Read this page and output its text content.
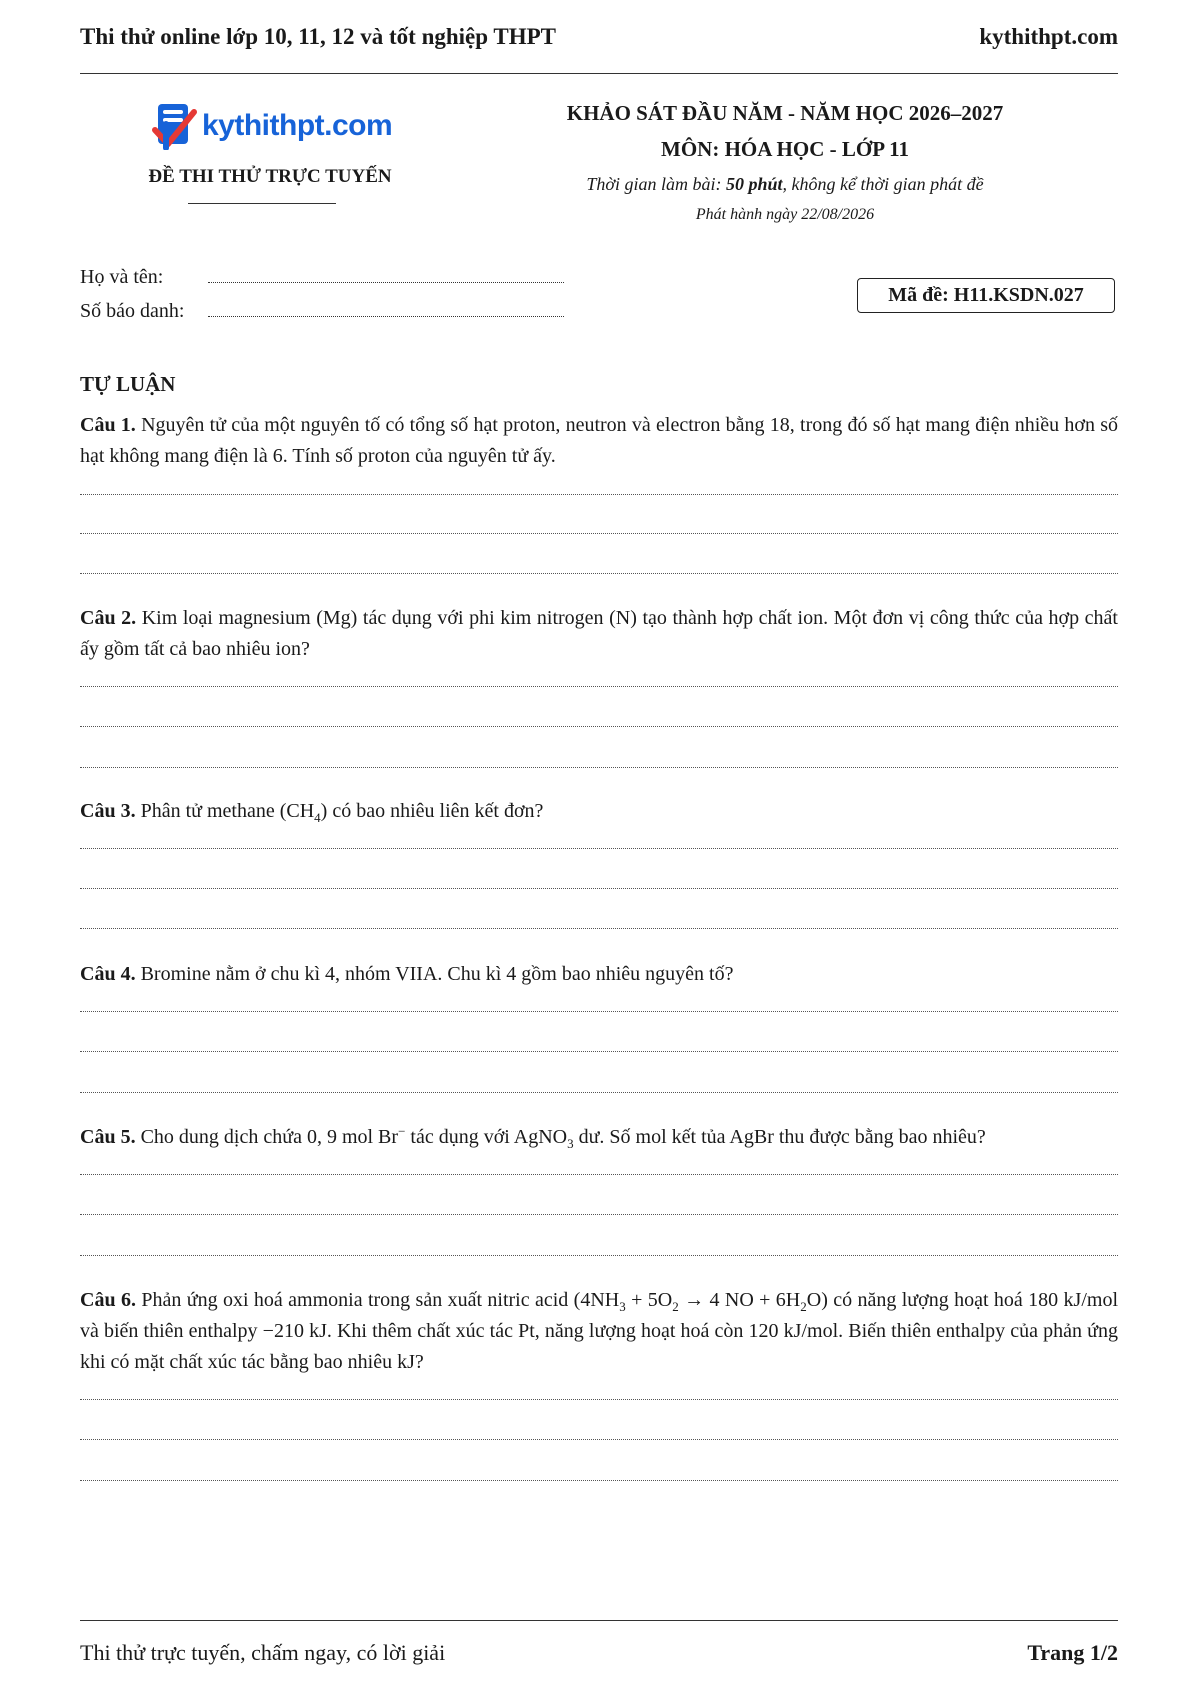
Thi thử online lớp 10, 11, 12 và tốt nghiệp THPT	kythithpt.com
kythithpt.com
ĐỀ THI THỬ TRỰC TUYẾN
KHẢO SÁT ĐẦU NĂM - NĂM HỌC 2026–2027
MÔN: HÓA HỌC - LỚP 11
Thời gian làm bài: 50 phút, không kể thời gian phát đề
Phát hành ngày 22/08/2026
Họ và tên:
Số báo danh:
Mã đề: H11.KSDN.027
TỰ LUẬN
Câu 1. Nguyên tử của một nguyên tố có tổng số hạt proton, neutron và electron bằng 18, trong đó số hạt mang điện nhiều hơn số hạt không mang điện là 6. Tính số proton của nguyên tử ấy.
Câu 2. Kim loại magnesium (Mg) tác dụng với phi kim nitrogen (N) tạo thành hợp chất ion. Một đơn vị công thức của hợp chất ấy gồm tất cả bao nhiêu ion?
Câu 3. Phân tử methane $(CH_4)$ có bao nhiêu liên kết đơn?
Câu 4. Bromine nằm ở chu kì 4, nhóm VIIA. Chu kì 4 gồm bao nhiêu nguyên tố?
Câu 5. Cho dung dịch chứa 0, 9 mol Br− tác dụng với AgNO$_3$ dư. Số mol kết tủa AgBr thu được bằng bao nhiêu?
Câu 6. Phản ứng oxi hoá ammonia trong sản xuất nitric acid ($4NH_3 + 5O_2 \to 4$ NO + $6H_2O$) có năng lượng hoạt hoá 180 kJ/mol và biến thiên enthalpy −210 kJ. Khi thêm chất xúc tác Pt, năng lượng hoạt hoá còn 120 kJ/mol. Biến thiên enthalpy của phản ứng khi có mặt chất xúc tác bằng bao nhiêu kJ?
Thi thử trực tuyến, chấm ngay, có lời giải	Trang 1/2
